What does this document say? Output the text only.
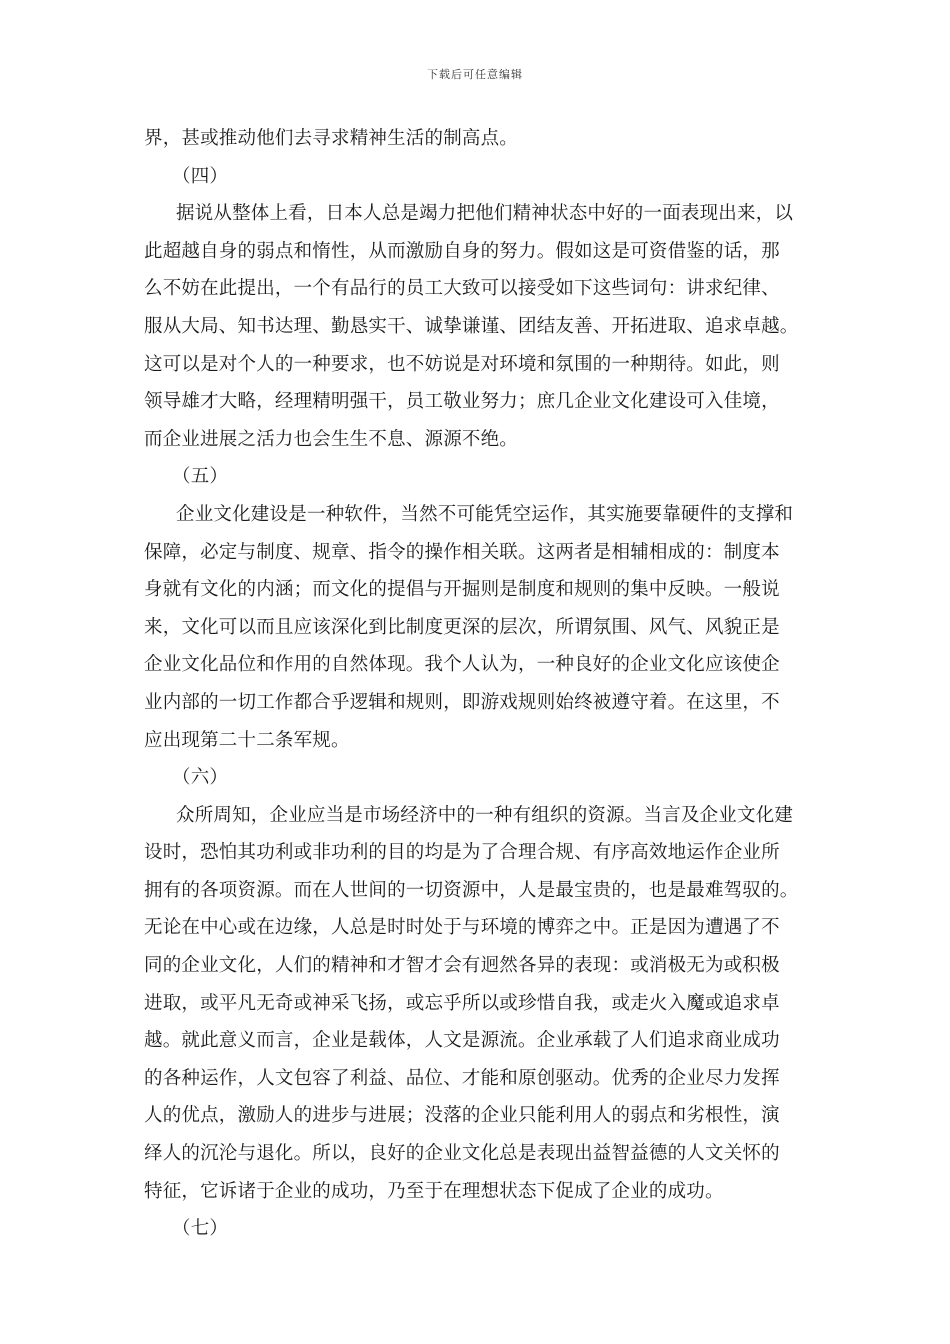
下载后可任意编辑
界，甚或推动他们去寻求精神生活的制高点。
（四）
据说从整体上看，日本人总是竭力把他们精神状态中好的一面表现出来，以
此超越自身的弱点和惰性，从而激励自身的努力。假如这是可资借鉴的话，那
么不妨在此提出，一个有品行的员工大致可以接受如下这些词句：讲求纪律、
服从大局、知书达理、勤恳实干、诚挚谦谨、团结友善、开拓进取、追求卓越。
这可以是对个人的一种要求，也不妨说是对环境和氛围的一种期待。如此，则
领导雄才大略，经理精明强干，员工敬业努力；庶几企业文化建设可入佳境，
而企业进展之活力也会生生不息、源源不绝。
（五）
企业文化建设是一种软件，当然不可能凭空运作，其实施要靠硬件的支撑和
保障，必定与制度、规章、指令的操作相关联。这两者是相辅相成的：制度本
身就有文化的内涵；而文化的提倡与开掘则是制度和规则的集中反映。一般说
来，文化可以而且应该深化到比制度更深的层次，所谓氛围、风气、风貌正是
企业文化品位和作用的自然体现。我个人认为，一种良好的企业文化应该使企
业内部的一切工作都合乎逻辑和规则，即游戏规则始终被遵守着。在这里，不
应出现第二十二条军规。
（六）
众所周知，企业应当是市场经济中的一种有组织的资源。当言及企业文化建
设时，恐怕其功利或非功利的目的均是为了合理合规、有序高效地运作企业所
拥有的各项资源。而在人世间的一切资源中，人是最宝贵的，也是最难驾驭的。
无论在中心或在边缘，人总是时时处于与环境的博弈之中。正是因为遭遇了不
同的企业文化，人们的精神和才智才会有迥然各异的表现：或消极无为或积极
进取，或平凡无奇或神采飞扬，或忘乎所以或珍惜自我，或走火入魔或追求卓
越。就此意义而言，企业是载体，人文是源流。企业承载了人们追求商业成功
的各种运作，人文包容了利益、品位、才能和原创驱动。优秀的企业尽力发挥
人的优点，激励人的进步与进展；没落的企业只能利用人的弱点和劣根性，演
绎人的沉沦与退化。所以，良好的企业文化总是表现出益智益德的人文关怀的
特征，它诉诸于企业的成功，乃至于在理想状态下促成了企业的成功。
（七）
